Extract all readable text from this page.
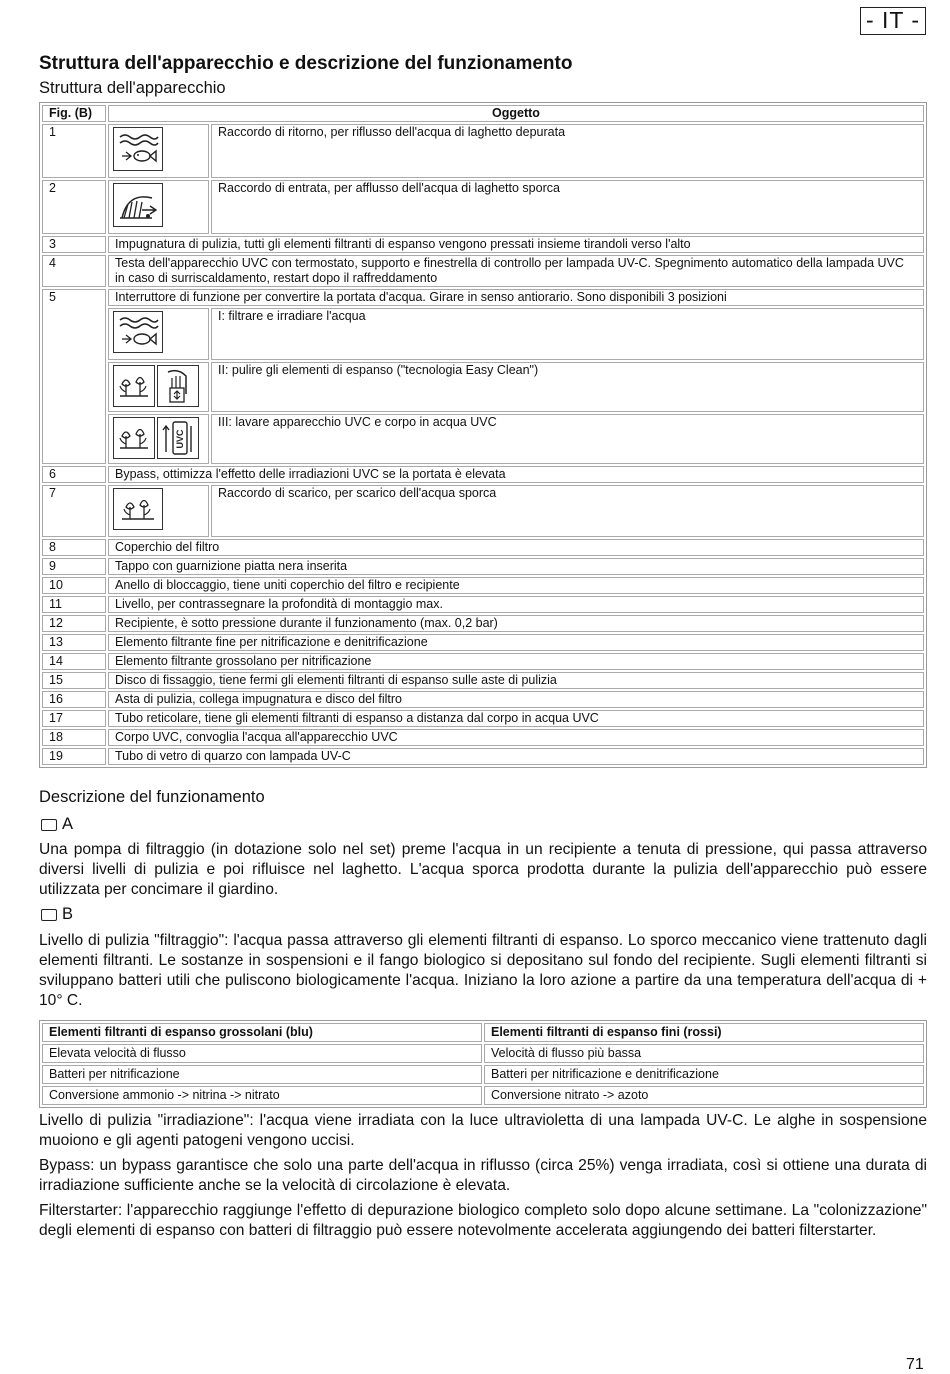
- IT -
Struttura dell'apparecchio e descrizione del funzionamento
Struttura dell'apparecchio
Fig. (B)	Oggetto	
1		Raccordo di ritorno, per riflusso dell'acqua di laghetto depurata
2		Raccordo di entrata, per afflusso dell'acqua di laghetto sporca
3	Impugnatura di pulizia, tutti gli elementi filtranti di espanso vengono pressati insieme tirandoli verso l'alto	
4	Testa dell'apparecchio UVC con termostato, supporto e finestrella di controllo per lampada UV-C. Spegnimento automatico della lampada UVC in caso di surriscaldamento, restart dopo il raffreddamento	
5	Interruttore di funzione per convertire la portata d'acqua. Girare in senso antiorario. Sono disponibili 3 posizioni	

	I: filtrare e irradiare l'acqua

	II: pulire gli elementi di espanso ("tecnologia Easy Clean")

UVC	III: lavare apparecchio UVC e corpo in acqua UVC
6	Bypass, ottimizza l'effetto delle irradiazioni UVC se la portata è elevata	
7		Raccordo di scarico, per scarico dell'acqua sporca
8	Coperchio del filtro	
9	Tappo con guarnizione piatta nera inserita	
10	Anello di bloccaggio, tiene uniti coperchio del filtro e recipiente	
11	Livello, per contrassegnare la profondità di montaggio max.	
12	Recipiente, è sotto pressione durante il funzionamento (max. 0,2 bar)	
13	Elemento filtrante fine per nitrificazione e denitrificazione	
14	Elemento filtrante grossolano per nitrificazione	
15	Disco di fissaggio, tiene fermi gli elementi filtranti di espanso sulle aste di pulizia	
16	Asta di pulizia, collega impugnatura e disco del filtro	
17	Tubo reticolare, tiene gli elementi filtranti di espanso a distanza dal corpo in acqua UVC	
18	Corpo UVC, convoglia l'acqua all'apparecchio UVC	
19	Tubo di vetro di quarzo con lampada UV-C	
Descrizione del funzionamento
A
Una pompa di filtraggio (in dotazione solo nel set) preme l'acqua in un recipiente a tenuta di pressione, qui passa attraverso diversi livelli di pulizia e poi rifluisce nel laghetto. L'acqua sporca prodotta durante la pulizia dell'apparecchio può essere utilizzata per concimare il giardino.
B
Livello di pulizia "filtraggio": l'acqua passa attraverso gli elementi filtranti di espanso. Lo sporco meccanico viene trattenuto dagli elementi filtranti. Le sostanze in sospensioni e il fango biologico si depositano sul fondo del recipiente. Sugli elementi filtranti si sviluppano batteri utili che puliscono biologicamente l'acqua. Iniziano la loro azione a partire da una temperatura dell'acqua di + 10° C.
Elementi filtranti di espanso grossolani (blu)	Elementi filtranti di espanso fini (rossi)
Elevata velocità di flusso	Velocità di flusso più bassa
Batteri per nitrificazione	Batteri per nitrificazione e denitrificazione
Conversione ammonio -> nitrina -> nitrato	Conversione nitrato -> azoto
Livello di pulizia "irradiazione": l'acqua viene irradiata con la luce ultravioletta di una lampada UV-C. Le alghe in sospensione muoiono e gli agenti patogeni vengono uccisi.
Bypass: un bypass garantisce che solo una parte dell'acqua in riflusso (circa 25%) venga irradiata, così si ottiene una durata di irradiazione sufficiente anche se la velocità di circolazione è elevata.
Filterstarter: l'apparecchio raggiunge l'effetto di depurazione biologico completo solo dopo alcune settimane. La "colonizzazione" degli elementi di espanso con batteri di filtraggio può essere notevolmente accelerata aggiungendo dei batteri filterstarter.
71
